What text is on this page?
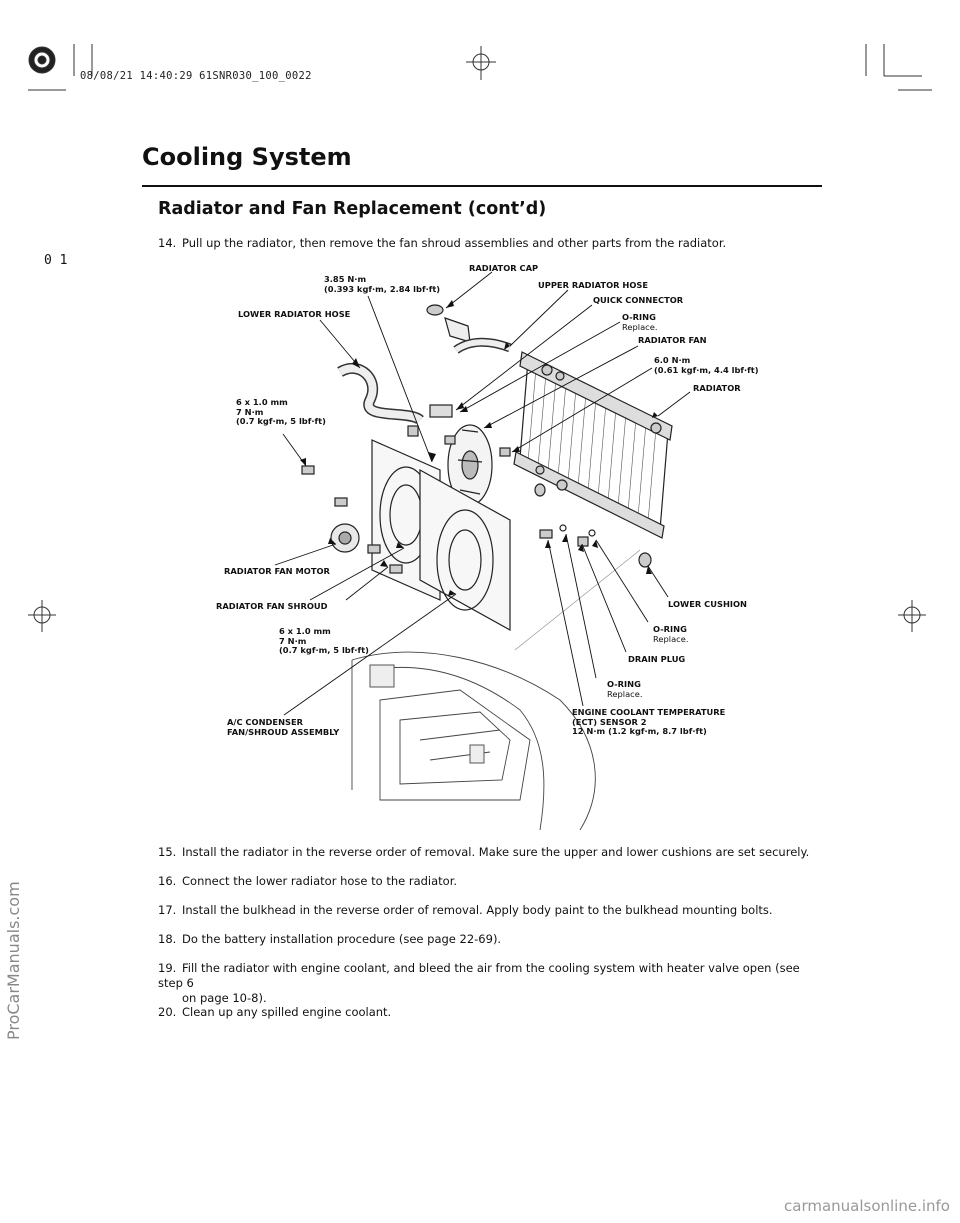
08/08/21 14:40:29 61SNR030_100_0022
0 1
Cooling System
Radiator and Fan Replacement (cont’d)
14. Pull up the radiator, then remove the fan shroud assemblies and other parts from the radiator.
RADIATOR CAP
3.85 N·m
(0.393 kgf·m, 2.84 lbf·ft)	UPPER RADIATOR HOSE
QUICK CONNECTOR
LOWER RADIATOR HOSE	O-RING
Replace.
RADIATOR FAN
6.0 N·m
(0.61 kgf·m, 4.4 lbf·ft)
RADIATOR
6 x 1.0 mm
7 N·m
(0.7 kgf·m, 5 lbf·ft)
RADIATOR FAN MOTOR
RADIATOR FAN SHROUD	LOWER CUSHION
6 x 1.0 mm
7 N·m
(0.7 kgf·m, 5 lbf·ft)
O-RING
Replace.
DRAIN PLUG
O-RING
Replace.
ENGINE COOLANT TEMPERATURE
(ECT) SENSOR 2
12 N·m (1.2 kgf·m, 8.7 lbf·ft)
A/C CONDENSER
FAN/SHROUD ASSEMBLY
15. Install the radiator in the reverse order of removal. Make sure the upper and lower cushions are set securely.
16. Connect the lower radiator hose to the radiator.
17. Install the bulkhead in the reverse order of removal. Apply body paint to the bulkhead mounting bolts.
18. Do the battery installation procedure (see page 22-69).
19. Fill the radiator with engine coolant, and bleed the air from the cooling system with heater valve open (see step 6
on page 10-8).
20. Clean up any spilled engine coolant.
ProCarManuals.com
carmanualsonline.info
